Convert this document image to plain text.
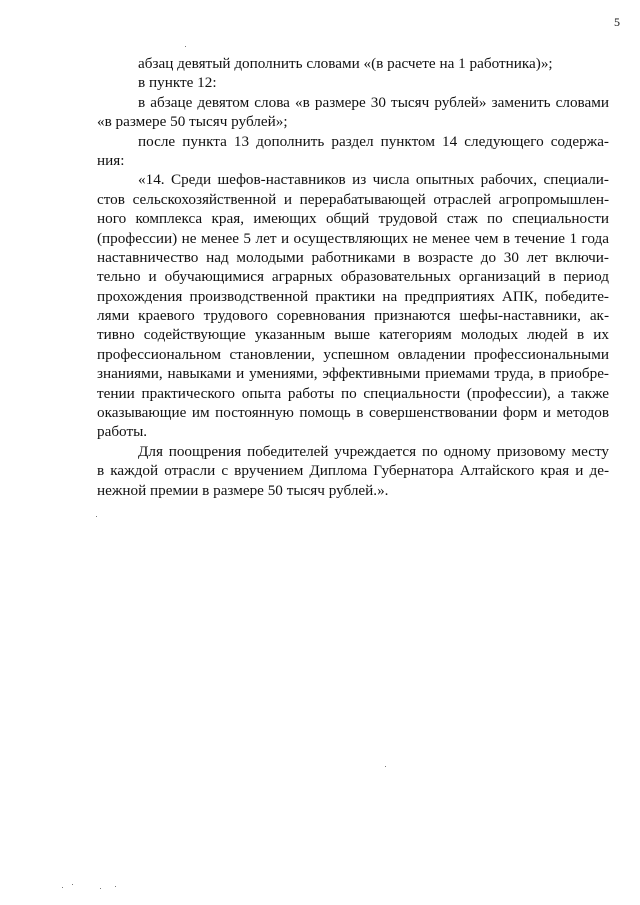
5
абзац девятый дополнить словами «(в расчете на 1 работника)»;
в пункте 12:
в абзаце девятом слова «в размере 30 тысяч рублей» заменить словами
«в размере 50 тысяч рублей»;
после пункта 13 дополнить раздел пунктом 14 следующего содержа-
ния:
«14. Среди шефов-наставников из числа опытных рабочих, специали-
стов сельскохозяйственной и перерабатывающей отраслей агропромышлен-
ного комплекса края, имеющих общий трудовой стаж по специальности
(профессии) не менее 5 лет и осуществляющих не менее чем в течение 1 года
наставничество над молодыми работниками в возрасте до 30 лет включи-
тельно и обучающимися аграрных образовательных организаций в период
прохождения производственной практики на предприятиях АПК, победите-
лями краевого трудового соревнования признаются шефы-наставники, ак-
тивно содействующие указанным выше категориям молодых людей в их
профессиональном становлении, успешном овладении профессиональными
знаниями, навыками и умениями, эффективными приемами труда, в приобре-
тении практического опыта работы по специальности (профессии), а также
оказывающие им постоянную помощь в совершенствовании форм и методов
работы.
Для поощрения победителей учреждается по одному призовому месту
в каждой отрасли с вручением Диплома Губернатора Алтайского края и де-
нежной премии в размере 50 тысяч рублей.».
